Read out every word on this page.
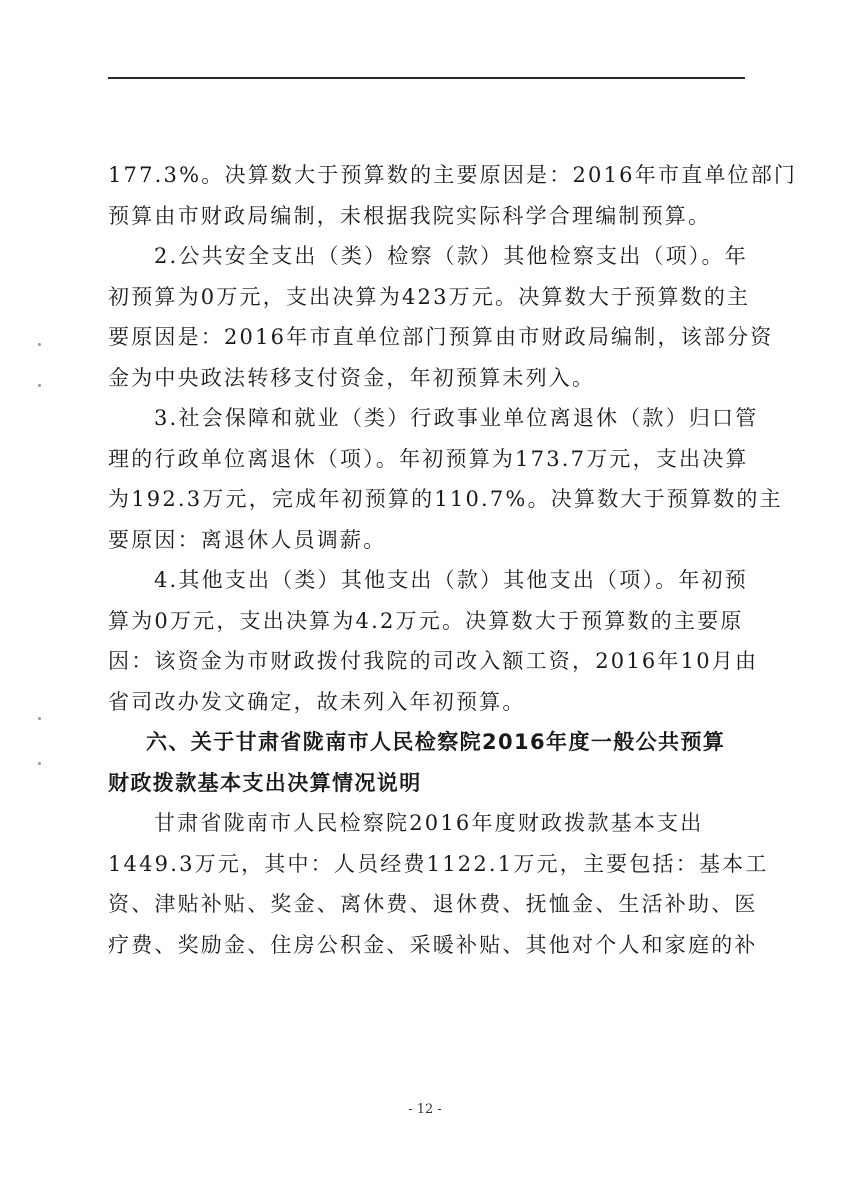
177.3%。决算数大于预算数的主要原因是：2016年市直单位部门
预算由市财政局编制，未根据我院实际科学合理编制预算。
2.公共安全支出（类）检察（款）其他检察支出（项）。年
初预算为0万元，支出决算为423万元。决算数大于预算数的主
要原因是：2016年市直单位部门预算由市财政局编制，该部分资
金为中央政法转移支付资金，年初预算未列入。
3.社会保障和就业（类）行政事业单位离退休（款）归口管
理的行政单位离退休（项）。年初预算为173.7万元，支出决算
为192.3万元，完成年初预算的110.7%。决算数大于预算数的主
要原因：离退休人员调薪。
4.其他支出（类）其他支出（款）其他支出（项）。年初预
算为0万元，支出决算为4.2万元。决算数大于预算数的主要原
因：该资金为市财政拨付我院的司改入额工资，2016年10月由
省司改办发文确定，故未列入年初预算。
六、关于甘肃省陇南市人民检察院2016年度一般公共预算
财政拨款基本支出决算情况说明
甘肃省陇南市人民检察院2016年度财政拨款基本支出
1449.3万元，其中：人员经费1122.1万元，主要包括：基本工
资、津贴补贴、奖金、离休费、退休费、抚恤金、生活补助、医
疗费、奖励金、住房公积金、采暖补贴、其他对个人和家庭的补
- 12 -
